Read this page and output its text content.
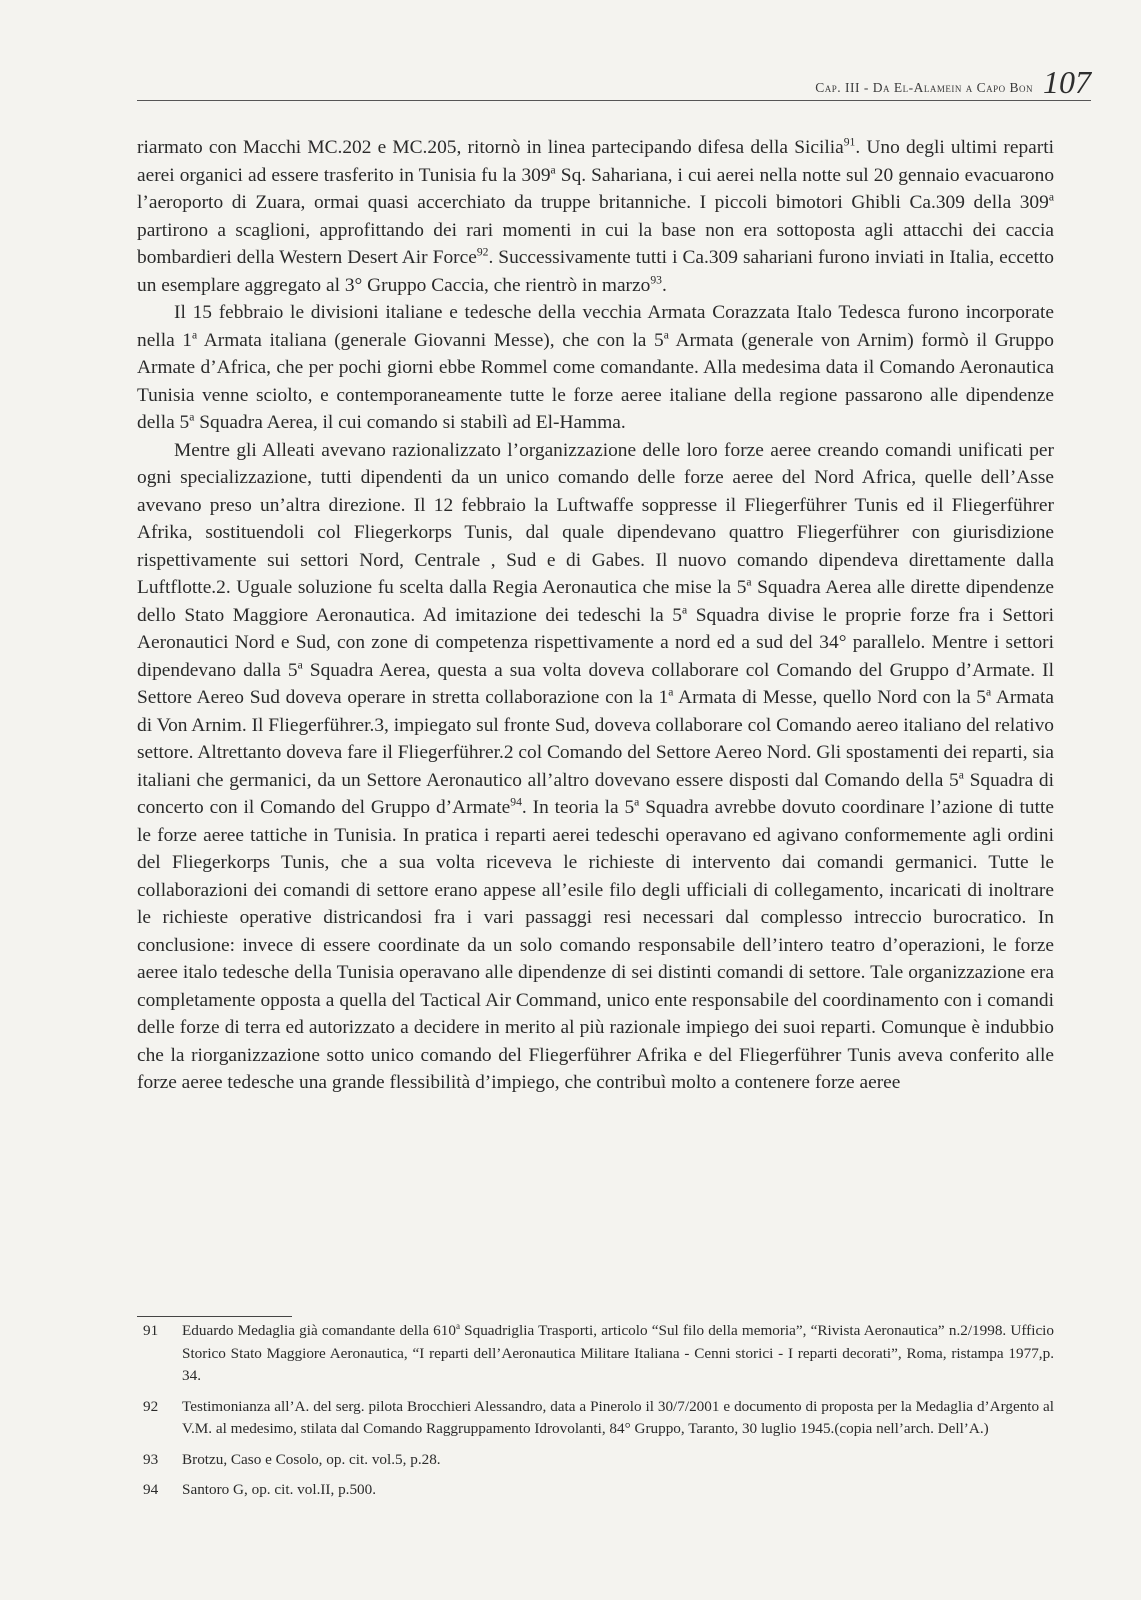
Cap. III - Da El-Alamein a Capo Bon 107

riarmato con Macchi MC.202 e MC.205, ritornò in linea partecipando difesa della Sicilia$^{91}$. Uno degli ultimi reparti aerei organici ad essere trasferito in Tunisia fu la 309$^a$ Sq. Sahariana, i cui aerei nella notte sul 20 gennaio evacuarono l’aeroporto di Zuara, ormai quasi accerchiato da truppe britanniche. I piccoli bimotori Ghibli Ca.309 della 309$^a$ partirono a scaglioni, approfittando dei rari momenti in cui la base non era sottoposta agli attacchi dei caccia bombardieri della Western Desert Air Force$^{92}$. Successivamente tutti i Ca.309 sahariani furono inviati in Italia, eccetto un esemplare aggregato al 3° Gruppo Caccia, che rientrò in marzo$^{93}$.

Il 15 febbraio le divisioni italiane e tedesche della vecchia Armata Corazzata Italo Tedesca furono incorporate nella 1$^a$ Armata italiana (generale Giovanni Messe), che con la 5$^a$ Armata (generale von Arnim) formò il Gruppo Armate d’Africa, che per pochi giorni ebbe Rommel come comandante. Alla medesima data il Comando Aeronautica Tunisia venne sciolto, e contemporaneamente tutte le forze aeree italiane della regione passarono alle dipendenze della 5$^a$ Squadra Aerea, il cui comando si stabilì ad El-Hamma.

Mentre gli Alleati avevano razionalizzato l’organizzazione delle loro forze aeree creando comandi unificati per ogni specializzazione, tutti dipendenti da un unico comando delle forze aeree del Nord Africa, quelle dell’Asse avevano preso un’altra direzione. Il 12 febbraio la Luftwaffe soppresse il Fliegerführer Tunis ed il Fliegerführer Afrika, sostituendoli col Fliegerkorps Tunis, dal quale dipendevano quattro Fliegerführer con giurisdizione rispettivamente sui settori Nord, Centrale , Sud e di Gabes. Il nuovo comando dipendeva direttamente dalla Luftflotte.2. Uguale soluzione fu scelta dalla Regia Aeronautica che mise la 5$^a$ Squadra Aerea alle dirette dipendenze dello Stato Maggiore Aeronautica. Ad imitazione dei tedeschi la 5$^a$ Squadra divise le proprie forze fra i Settori Aeronautici Nord e Sud, con zone di competenza rispettivamente a nord ed a sud del 34° parallelo. Mentre i settori dipendevano dalla 5$^a$ Squadra Aerea, questa a sua volta doveva collaborare col Comando del Gruppo d’Armate. Il Settore Aereo Sud doveva operare in stretta collaborazione con la 1$^a$ Armata di Messe, quello Nord con la 5$^a$ Armata di Von Arnim. Il Fliegerführer.3, impiegato sul fronte Sud, doveva collaborare col Comando aereo italiano del relativo settore. Altrettanto doveva fare il Fliegerführer.2 col Comando del Settore Aereo Nord. Gli spostamenti dei reparti, sia italiani che germanici, da un Settore Aeronautico all’altro dovevano essere disposti dal Comando della 5$^a$ Squadra di concerto con il Comando del Gruppo d’Armate$^{94}$. In teoria la 5$^a$ Squadra avrebbe dovuto coordinare l’azione di tutte le forze aeree tattiche in Tunisia. In pratica i reparti aerei tedeschi operavano ed agivano conformemente agli ordini del Fliegerkorps Tunis, che a sua volta riceveva le richieste di intervento dai comandi germanici. Tutte le collaborazioni dei comandi di settore erano appese all’esile filo degli ufficiali di collegamento, incaricati di inoltrare le richieste operative districandosi fra i vari passaggi resi necessari dal complesso intreccio burocratico. In conclusione: invece di essere coordinate da un solo comando responsabile dell’intero teatro d’operazioni, le forze aeree italo tedesche della Tunisia operavano alle dipendenze di sei distinti comandi di settore. Tale organizzazione era completamente opposta a quella del Tactical Air Command, unico ente responsabile del coordinamento con i comandi delle forze di terra ed autorizzato a decidere in merito al più razionale impiego dei suoi reparti. Comunque è indubbio che la riorganizzazione sotto unico comando del Fliegerführer Afrika e del Fliegerführer Tunis aveva conferito alle forze aeree tedesche una grande flessibilità d’impiego, che contribuì molto a contenere forze aeree

91	Eduardo Medaglia già comandante della 610$^a$ Squadriglia Trasporti, articolo “Sul filo della memoria”, “Rivista Aeronautica” n.2/1998. Ufficio Storico Stato Maggiore Aeronautica, “I reparti dell’Aeronautica Militare Italiana - Cenni storici - I reparti decorati”, Roma, ristampa 1977,p. 34.
92	Testimonianza all’A. del serg. pilota Brocchieri Alessandro, data a Pinerolo il 30/7/2001 e documento di proposta per la Medaglia d’Argento al V.M. al medesimo, stilata dal Comando Raggruppamento Idrovolanti, 84° Gruppo, Taranto, 30 luglio 1945.(copia nell’arch. Dell’A.)
93	Brotzu, Caso e Cosolo, op. cit. vol.5, p.28.
94	Santoro G, op. cit. vol.II, p.500.
